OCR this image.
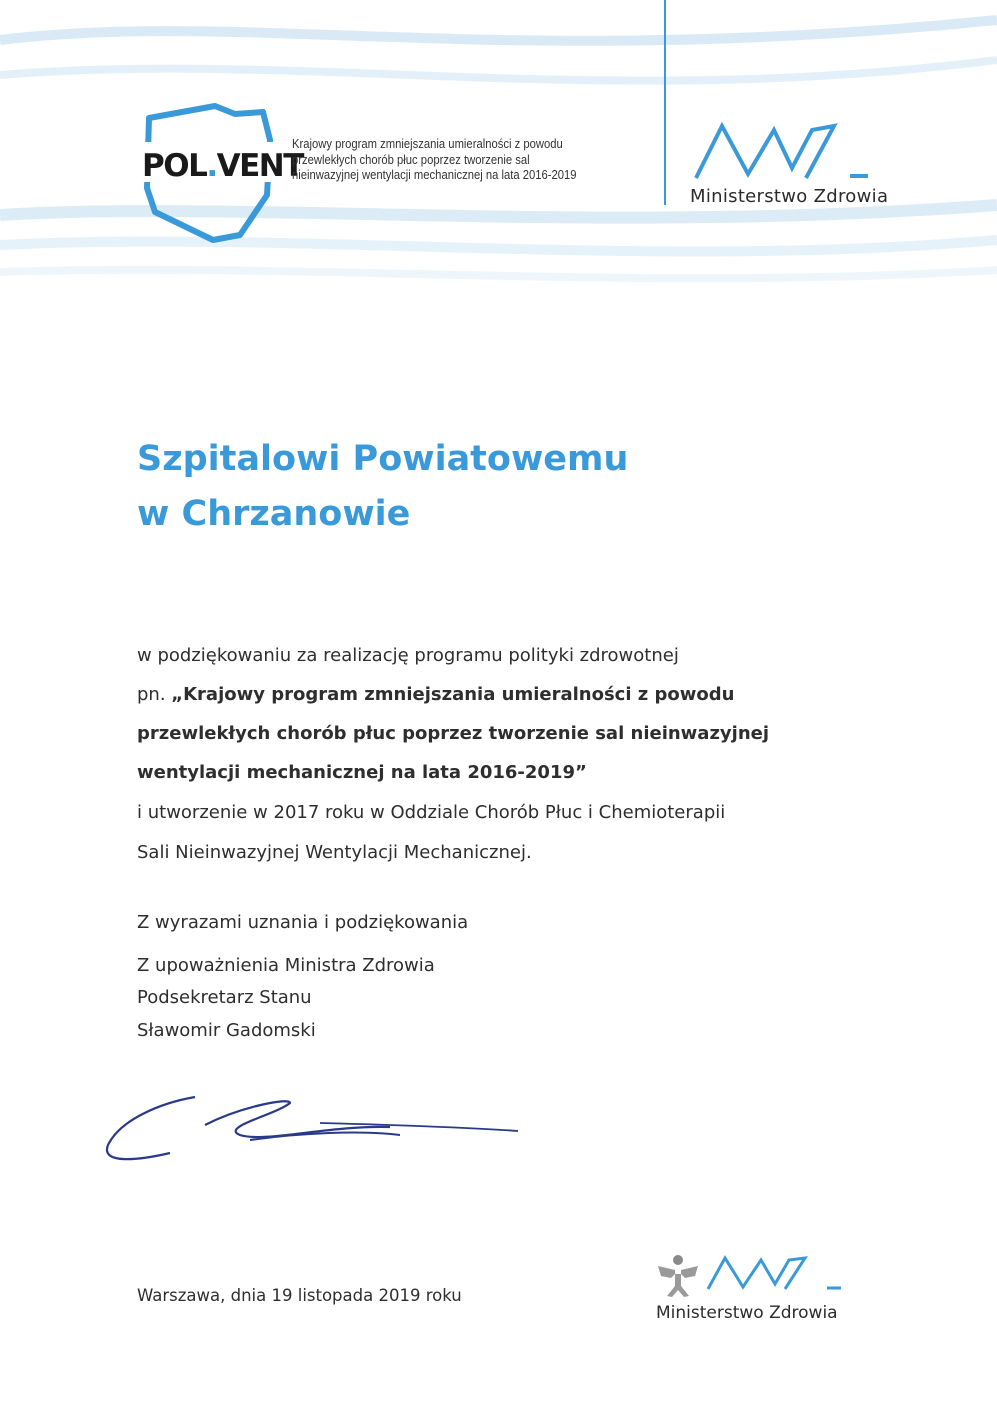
POL.VENT
Krajowy program zmniejszania umieralności z powodu
przewlekłych chorób płuc poprzez tworzenie sal
nieinwazyjnej wentylacji mechanicznej na lata 2016-2019
Ministerstwo Zdrowia
Szpitalowi Powiatowemu
w Chrzanowie
w podziękowaniu za realizację programu polityki zdrowotnej
pn. „Krajowy program zmniejszania umieralności z powodu
przewlekłych chorób płuc poprzez tworzenie sal nieinwazyjnej
wentylacji mechanicznej na lata 2016-2019”
i utworzenie w 2017 roku w Oddziale Chorób Płuc i Chemioterapii
Sali Nieinwazyjnej Wentylacji Mechanicznej.
Z wyrazami uznania i podziękowania
Z upoważnienia Ministra Zdrowia
Podsekretarz Stanu
Sławomir Gadomski
Warszawa, dnia 19 listopada 2019 roku
Ministerstwo Zdrowia
